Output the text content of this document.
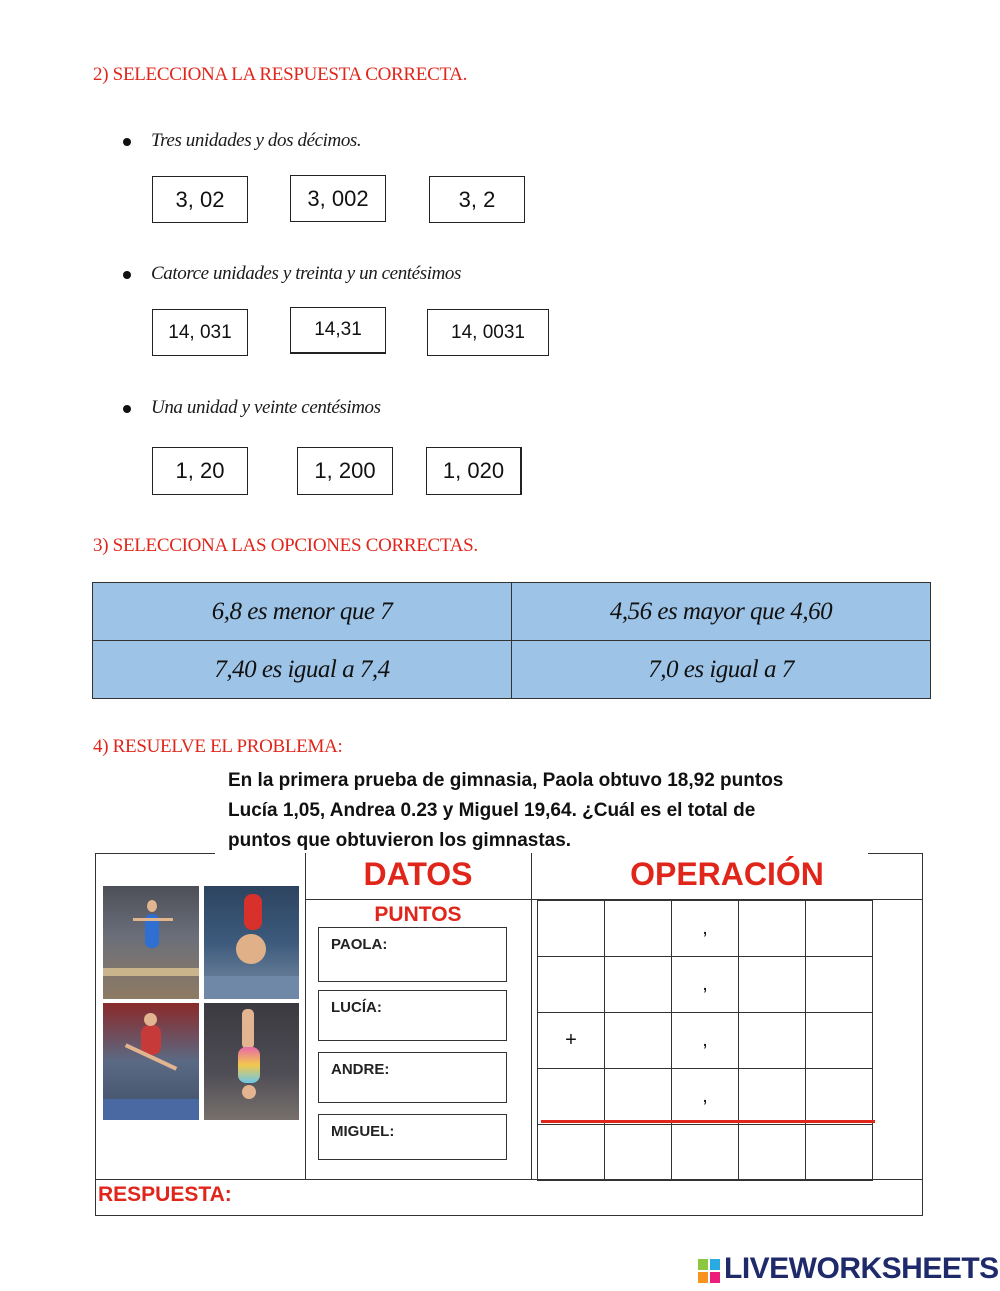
2) SELECCIONA LA RESPUESTA CORRECTA.
Tres unidades y dos décimos.
3, 02	3, 002	3, 2
Catorce unidades y treinta y un centésimos
14, 031	14,31	14, 0031
Una unidad y veinte centésimos
1, 20	1, 200	1, 020
3) SELECCIONA LAS OPCIONES CORRECTAS.
6,8 es menor que 7	4,56 es mayor que 4,60
7,40 es igual a 7,4	7,0 es igual a 7
4) RESUELVE EL PROBLEMA:
En la primera prueba de gimnasia, Paola obtuvo 18,92 puntos
Lucía 1,05, Andrea 0.23 y Miguel 19,64. ¿Cuál es el total de
puntos que obtuvieron los gimnastas.
DATOS
PUNTOS
PAOLA:
LUCÍA:
ANDRE:
MIGUEL:
OPERACIÓN
		,		
		,		
+		,		
		,		

RESPUESTA:
LIVEWORKSHEETS
